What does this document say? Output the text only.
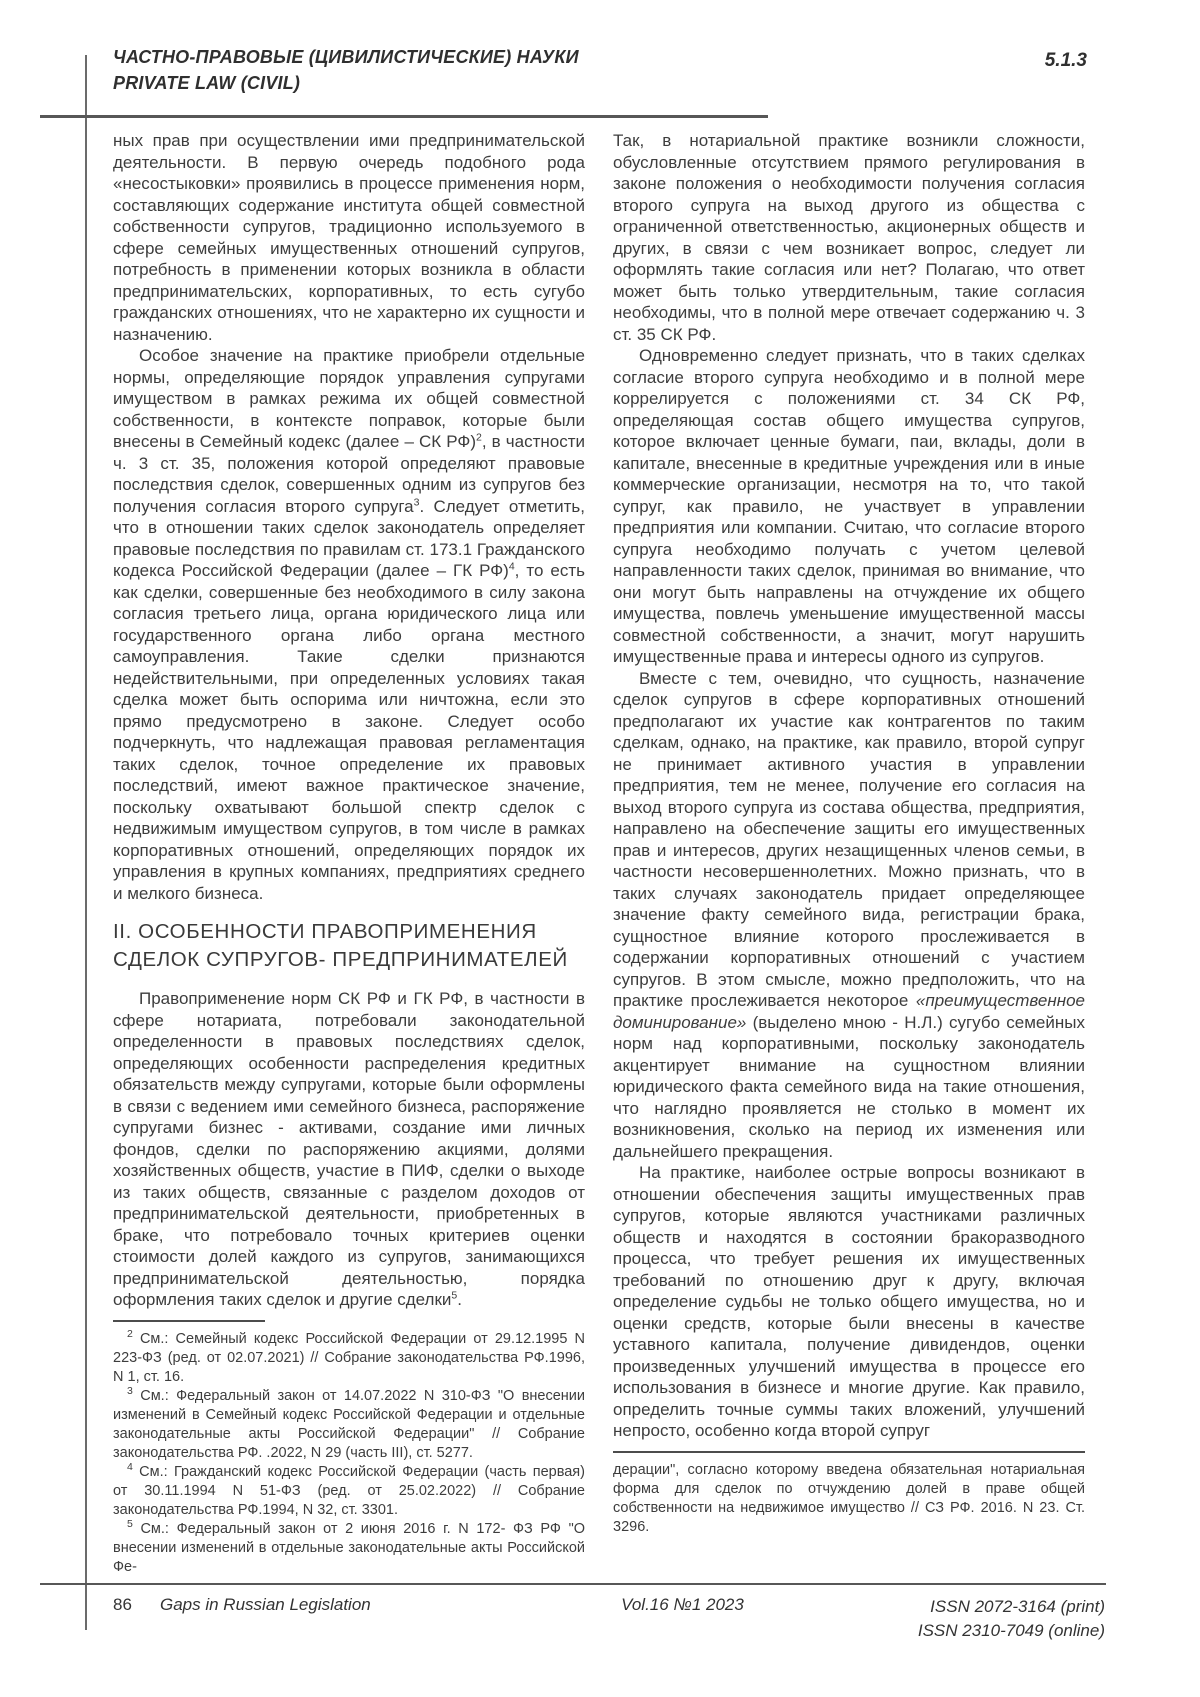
ЧАСТНО-ПРАВОВЫЕ (ЦИВИЛИСТИЧЕСКИЕ) НАУКИ
PRIVATE LAW (CIVIL)
5.1.3

ных прав при осуществлении ими предпринимательской деятельности. В первую очередь подобного рода «несостыковки» проявились в процессе применения норм, составляющих содержание института общей совместной собственности супругов, традиционно используемого в сфере семейных имущественных отношений супругов, потребность в применении которых возникла в области предпринимательских, корпоративных, то есть сугубо гражданских отношениях, что не характерно их сущности и назначению.

Особое значение на практике приобрели отдельные нормы, определяющие порядок управления супругами имуществом в рамках режима их общей совместной собственности, в контексте поправок, которые были внесены в Семейный кодекс (далее – СК РФ)$^2$, в частности ч. 3 ст. 35, положения которой определяют правовые последствия сделок, совершенных одним из супругов без получения согласия второго супруга$^3$. Следует отметить, что в отношении таких сделок законодатель определяет правовые последствия по правилам ст. 173.1 Гражданского кодекса Российской Федерации (далее – ГК РФ)$^4$, то есть как сделки, совершенные без необходимого в силу закона согласия третьего лица, органа юридического лица или государственного органа либо органа местного самоуправления. Такие сделки признаются недействительными, при определенных условиях такая сделка может быть оспорима или ничтожна, если это прямо предусмотрено в законе. Следует особо подчеркнуть, что надлежащая правовая регламентация таких сделок, точное определение их правовых последствий, имеют важное практическое значение, поскольку охватывают большой спектр сделок с недвижимым имуществом супругов, в том числе в рамках корпоративных отношений, определяющих порядок их управления в крупных компаниях, предприятиях среднего и мелкого бизнеса.

II. ОСОБЕННОСТИ ПРАВОПРИМЕНЕНИЯ
СДЕЛОК СУПРУГОВ- ПРЕДПРИНИМАТЕЛЕЙ

Правоприменение норм СК РФ и ГК РФ, в частности в сфере нотариата, потребовали законодательной определенности в правовых последствиях сделок, определяющих особенности распределения кредитных обязательств между супругами, которые были оформлены в связи с ведением ими семейного бизнеса, распоряжение супругами бизнес - активами, создание ими личных фондов, сделки по распоряжению акциями, долями хозяйственных обществ, участие в ПИФ, сделки о выходе из таких обществ, связанные с разделом доходов от предпринимательской деятельности, приобретенных в браке, что потребовало точных критериев оценки стоимости долей каждого из супругов, занимающихся предпринимательской деятельностью, порядка оформления таких сделок и другие сделки$^5$.

$^2$ См.: Семейный кодекс Российской Федерации от 29.12.1995 N 223-ФЗ (ред. от 02.07.2021) // Собрание законодательства РФ.1996, N 1, ст. 16.

$^3$ См.: Федеральный закон от 14.07.2022 N 310-ФЗ "О внесении изменений в Семейный кодекс Российской Федерации и отдельные законодательные акты Российской Федерации" // Собрание законодательства РФ. .2022, N 29 (часть III), ст. 5277.

$^4$ См.: Гражданский кодекс Российской Федерации (часть первая) от 30.11.1994 N 51-ФЗ (ред. от 25.02.2022) // Собрание законодательства РФ.1994, N 32, ст. 3301.

$^5$ См.: Федеральный закон от 2 июня 2016 г. N 172- ФЗ РФ "О внесении изменений в отдельные законодательные акты Российской Фе-

Так, в нотариальной практике возникли сложности, обусловленные отсутствием прямого регулирования в законе положения о необходимости получения согласия второго супруга на выход другого из общества с ограниченной ответственностью, акционерных обществ и других, в связи с чем возникает вопрос, следует ли оформлять такие согласия или нет? Полагаю, что ответ может быть только утвердительным, такие согласия необходимы, что в полной мере отвечает содержанию ч. 3 ст. 35 СК РФ.

Одновременно следует признать, что в таких сделках согласие второго супруга необходимо и в полной мере коррелируется с положениями ст. 34 СК РФ, определяющая состав общего имущества супругов, которое включает ценные бумаги, паи, вклады, доли в капитале, внесенные в кредитные учреждения или в иные коммерческие организации, несмотря на то, что такой супруг, как правило, не участвует в управлении предприятия или компании. Считаю, что согласие второго супруга необходимо получать с учетом целевой направленности таких сделок, принимая во внимание, что они могут быть направлены на отчуждение их общего имущества, повлечь уменьшение имущественной массы совместной собственности, а значит, могут нарушить имущественные права и интересы одного из супругов.

Вместе с тем, очевидно, что сущность, назначение сделок супругов в сфере корпоративных отношений предполагают их участие как контрагентов по таким сделкам, однако, на практике, как правило, второй супруг не принимает активного участия в управлении предприятия, тем не менее, получение его согласия на выход второго супруга из состава общества, предприятия, направлено на обеспечение защиты его имущественных прав и интересов, других незащищенных членов семьи, в частности несовершеннолетних. Можно признать, что в таких случаях законодатель придает определяющее значение факту семейного вида, регистрации брака, сущностное влияние которого прослеживается в содержании корпоративных отношений с участием супругов. В этом смысле, можно предположить, что на практике прослеживается некоторое «преимущественное доминирование» (выделено мною - Н.Л.) сугубо семейных норм над корпоративными, поскольку законодатель акцентирует внимание на сущностном влиянии юридического факта семейного вида на такие отношения, что наглядно проявляется не столько в момент их возникновения, сколько на период их изменения или дальнейшего прекращения.

На практике, наиболее острые вопросы возникают в отношении обеспечения защиты имущественных прав супругов, которые являются участниками различных обществ и находятся в состоянии бракоразводного процесса, что требует решения их имущественных требований по отношению друг к другу, включая определение судьбы не только общего имущества, но и оценки средств, которые были внесены в качестве уставного капитала, получение дивидендов, оценки произведенных улучшений имущества в процессе его использования в бизнесе и многие другие. Как правило, определить точные суммы таких вложений, улучшений непросто, особенно когда второй супруг

дерации", согласно которому введена обязательная нотариальная форма для сделок по отчуждению долей в праве общей собственности на недвижимое имущество // СЗ РФ. 2016. N 23. Ст. 3296.

86	Gaps in Russian Legislation	Vol.16 №1 2023	ISSN 2072-3164 (print)
ISSN 2310-7049 (online)
